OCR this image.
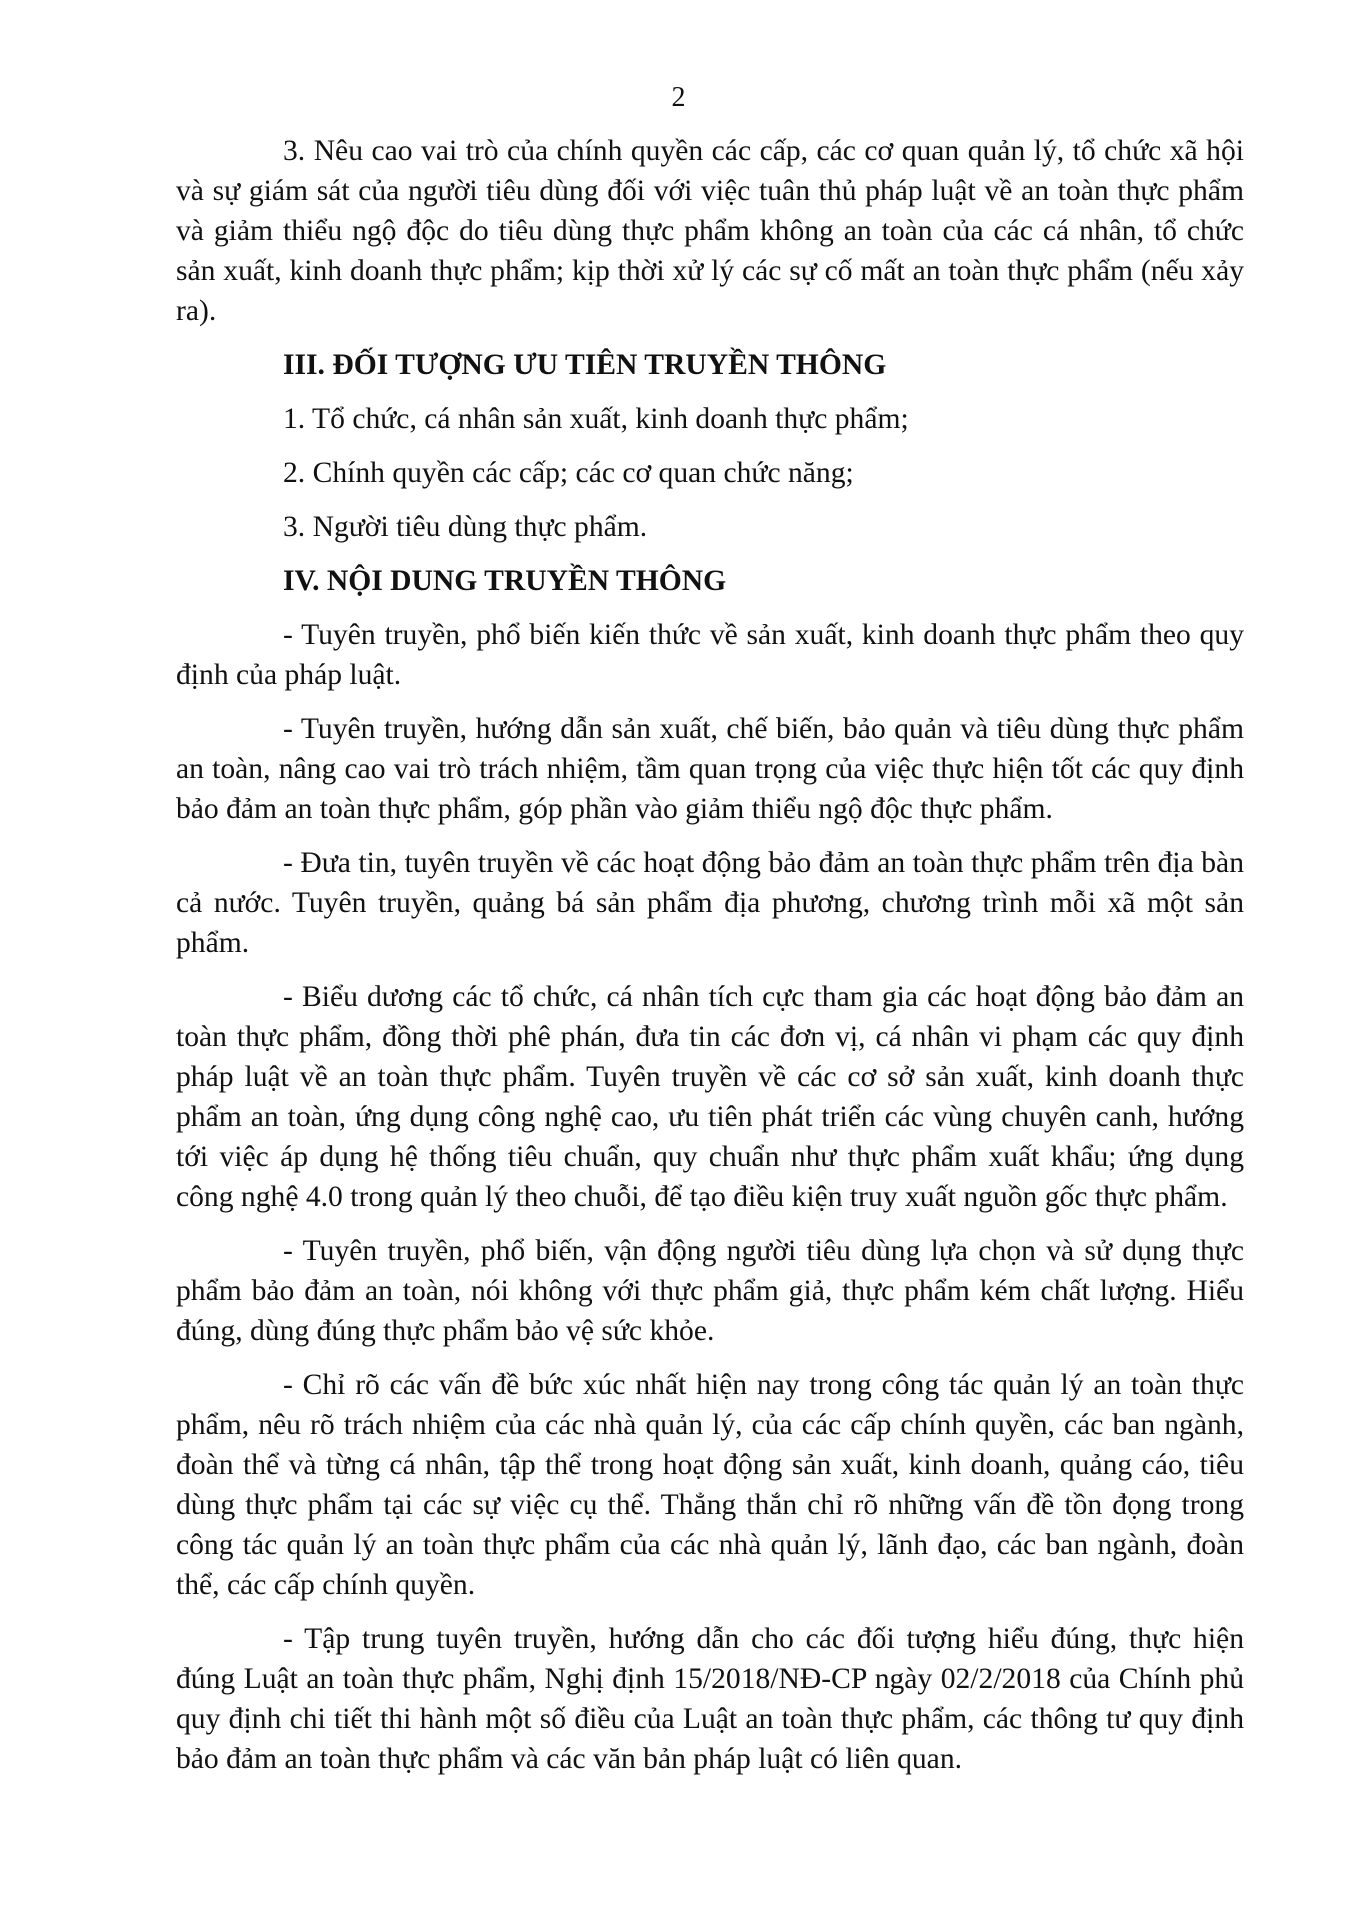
2

3. Nêu cao vai trò của chính quyền các cấp, các cơ quan quản lý, tổ chức xã hội và sự giám sát của người tiêu dùng đối với việc tuân thủ pháp luật về an toàn thực phẩm và giảm thiểu ngộ độc do tiêu dùng thực phẩm không an toàn của các cá nhân, tổ chức sản xuất, kinh doanh thực phẩm; kịp thời xử lý các sự cố mất an toàn thực phẩm (nếu xảy ra).

III. ĐỐI TƯỢNG ƯU TIÊN TRUYỀN THÔNG

1. Tổ chức, cá nhân sản xuất, kinh doanh thực phẩm;

2. Chính quyền các cấp; các cơ quan chức năng;

3. Người tiêu dùng thực phẩm.

IV. NỘI DUNG TRUYỀN THÔNG

- Tuyên truyền, phổ biến kiến thức về sản xuất, kinh doanh thực phẩm theo quy định của pháp luật.

- Tuyên truyền, hướng dẫn sản xuất, chế biến, bảo quản và tiêu dùng thực phẩm an toàn, nâng cao vai trò trách nhiệm, tầm quan trọng của việc thực hiện tốt các quy định bảo đảm an toàn thực phẩm, góp phần vào giảm thiểu ngộ độc thực phẩm.

- Đưa tin, tuyên truyền về các hoạt động bảo đảm an toàn thực phẩm trên địa bàn cả nước. Tuyên truyền, quảng bá sản phẩm địa phương, chương trình mỗi xã một sản phẩm.

- Biểu dương các tổ chức, cá nhân tích cực tham gia các hoạt động bảo đảm an toàn thực phẩm, đồng thời phê phán, đưa tin các đơn vị, cá nhân vi phạm các quy định pháp luật về an toàn thực phẩm. Tuyên truyền về các cơ sở sản xuất, kinh doanh thực phẩm an toàn, ứng dụng công nghệ cao, ưu tiên phát triển các vùng chuyên canh, hướng tới việc áp dụng hệ thống tiêu chuẩn, quy chuẩn như thực phẩm xuất khẩu; ứng dụng công nghệ 4.0 trong quản lý theo chuỗi, để tạo điều kiện truy xuất nguồn gốc thực phẩm.

- Tuyên truyền, phổ biến, vận động người tiêu dùng lựa chọn và sử dụng thực phẩm bảo đảm an toàn, nói không với thực phẩm giả, thực phẩm kém chất lượng. Hiểu đúng, dùng đúng thực phẩm bảo vệ sức khỏe.

- Chỉ rõ các vấn đề bức xúc nhất hiện nay trong công tác quản lý an toàn thực phẩm, nêu rõ trách nhiệm của các nhà quản lý, của các cấp chính quyền, các ban ngành, đoàn thể và từng cá nhân, tập thể trong hoạt động sản xuất, kinh doanh, quảng cáo, tiêu dùng thực phẩm tại các sự việc cụ thể. Thẳng thắn chỉ rõ những vấn đề tồn đọng trong công tác quản lý an toàn thực phẩm của các nhà quản lý, lãnh đạo, các ban ngành, đoàn thể, các cấp chính quyền.

- Tập trung tuyên truyền, hướng dẫn cho các đối tượng hiểu đúng, thực hiện đúng Luật an toàn thực phẩm, Nghị định 15/2018/NĐ-CP ngày 02/2/2018 của Chính phủ quy định chi tiết thi hành một số điều của Luật an toàn thực phẩm, các thông tư quy định bảo đảm an toàn thực phẩm và các văn bản pháp luật có liên quan.
